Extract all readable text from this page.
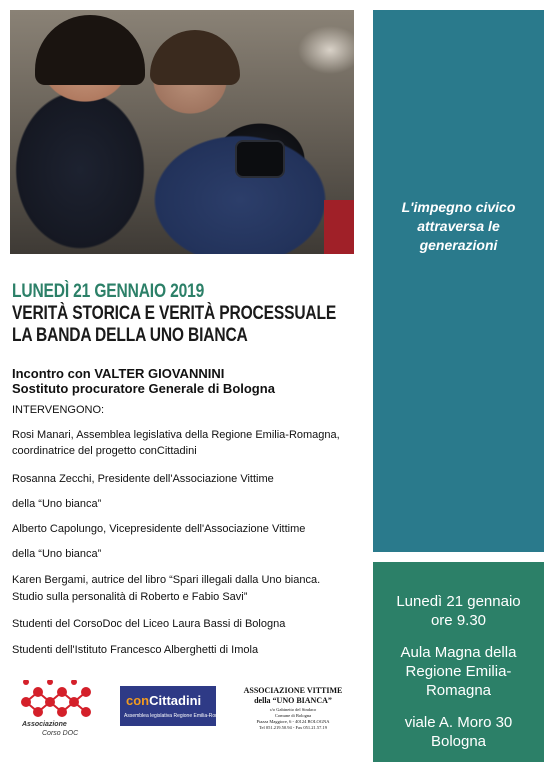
L'impegno civico
attraversa le
generazioni
LUNEDÌ 21 GENNAIO 2019
VERITÀ STORICA E VERITÀ PROCESSUALE
LA BANDA DELLA UNO BIANCA
Incontro con VALTER GIOVANNINI
Sostituto procuratore Generale di Bologna
INTERVENGONO:
Rosi Manari, Assemblea legislativa della Regione Emilia-Romagna,
coordinatrice del progetto conCittadini
Rosanna Zecchi, Presidente dell'Associazione Vittime
della “Uno bianca”
Alberto Capolungo, Vicepresidente dell'Associazione Vittime
della “Uno bianca”
Karen Bergami, autrice del libro “Spari illegali dalla Uno bianca.
Studio sulla personalità di Roberto e Fabio Savi”
Studenti del CorsoDoc del Liceo Laura Bassi di Bologna
Studenti dell'Istituto Francesco Alberghetti di Imola
Lunedì 21 gennaio
ore 9.30
Aula Magna della
Regione Emilia-
Romagna
viale A. Moro 30
Bologna
Associazione
Corso DOC
conCittadini
Assemblea legislativa Regione Emilia-Romagna
ASSOCIAZIONE VITTIME
della “UNO BIANCA”
c/o Gabinetto del Sindaco
Comune di Bologna
Piazza Maggiore, 6 - 40124 BOLOGNA
Tel 051.219.50.94 - Fax 051.21.57.19
